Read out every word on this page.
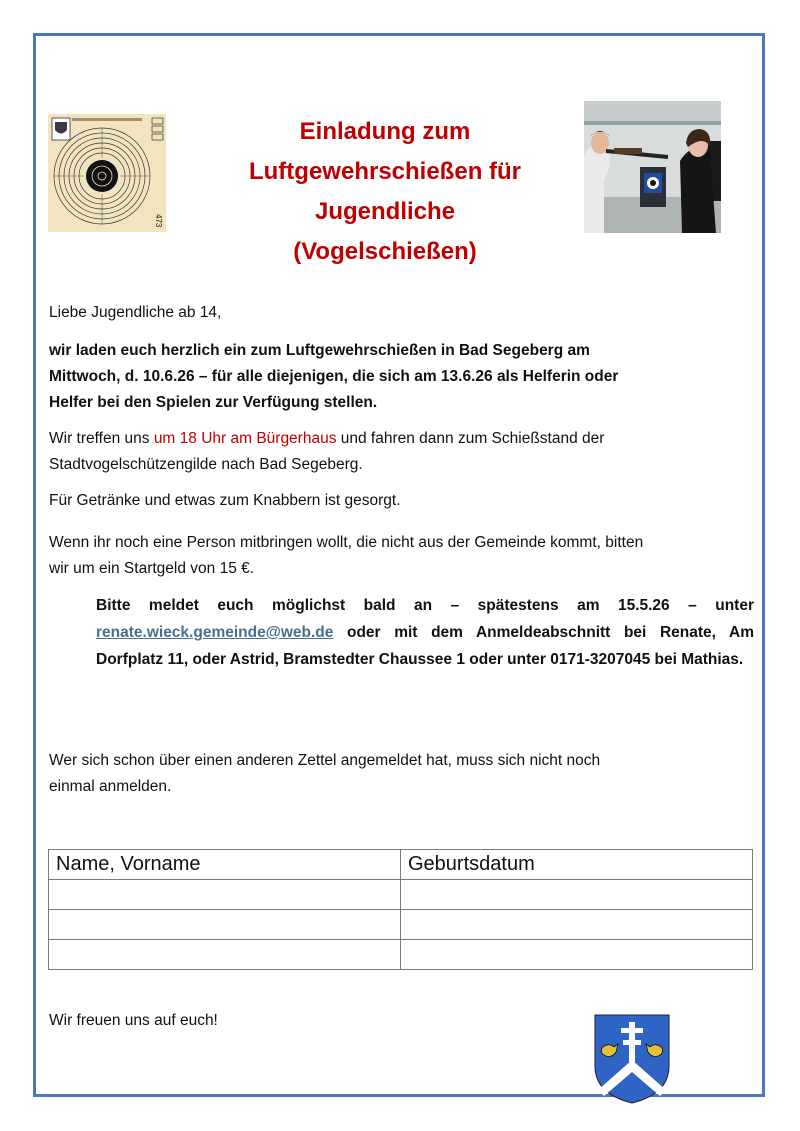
473
Einladung zum
Luftgewehrschießen für
Jugendliche
(Vogelschießen)
Liebe Jugendliche ab 14,
wir laden euch herzlich ein zum Luftgewehrschießen in Bad Segeberg am
Mittwoch, d. 10.6.26 – für alle diejenigen, die sich am 13.6.26 als Helferin oder
Helfer bei den Spielen zur Verfügung stellen.
Wir treffen uns um 18 Uhr am Bürgerhaus und fahren dann zum Schießstand der
Stadtvogelschützengilde nach Bad Segeberg.
Für Getränke und etwas zum Knabbern ist gesorgt.
Wenn ihr noch eine Person mitbringen wollt, die nicht aus der Gemeinde kommt, bitten
wir um ein Startgeld von 15 €.
Bitte meldet euch möglichst bald an – spätestens am 15.5.26 – unter renate.wieck.gemeinde@web.de oder mit dem Anmeldeabschnitt bei Renate, Am Dorfplatz 11, oder Astrid, Bramstedter Chaussee 1 oder unter 0171-3207045 bei Mathias.
Wer sich schon über einen anderen Zettel angemeldet hat, muss sich nicht noch
einmal anmelden.
Name, Vorname	Geburtsdatum

Wir freuen uns auf euch!
